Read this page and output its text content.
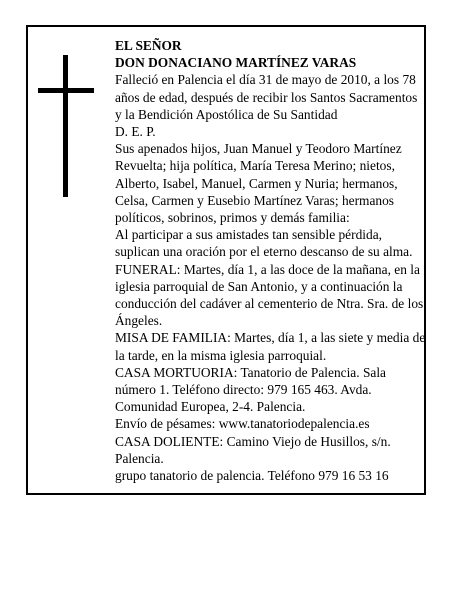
EL SEÑOR

DON DONACIANO MARTÍNEZ VARAS

Falleció en Palencia el día 31 de mayo de 2010, a los 78 años de edad, después de recibir los Santos Sacramentos y la Bendición Apostólica de Su Santidad

D. E. P.

Sus apenados hijos, Juan Manuel y Teodoro Martínez Revuelta; hija política, María Teresa Merino; nietos, Alberto, Isabel, Manuel, Carmen y Nuria; hermanos, Celsa, Carmen y Eusebio Martínez Varas; hermanos políticos, sobrinos, primos y demás familia:

Al participar a sus amistades tan sensible pérdida, suplican una oración por el eterno descanso de su alma.

FUNERAL: Martes, día 1, a las doce de la mañana, en la iglesia parroquial de San Antonio, y a continuación la conducción del cadáver al cementerio de Ntra. Sra. de los Ángeles.

MISA DE FAMILIA: Martes, día 1, a las siete y media de la tarde, en la misma iglesia parroquial.

CASA MORTUORIA: Tanatorio de Palencia. Sala número 1. Teléfono directo: 979 165 463. Avda. Comunidad Europea, 2-4. Palencia.

Envío de pésames: www.tanatoriodepalencia.es

CASA DOLIENTE: Camino Viejo de Husillos, s/n. Palencia.

grupo tanatorio de palencia. Teléfono 979 16 53 16
